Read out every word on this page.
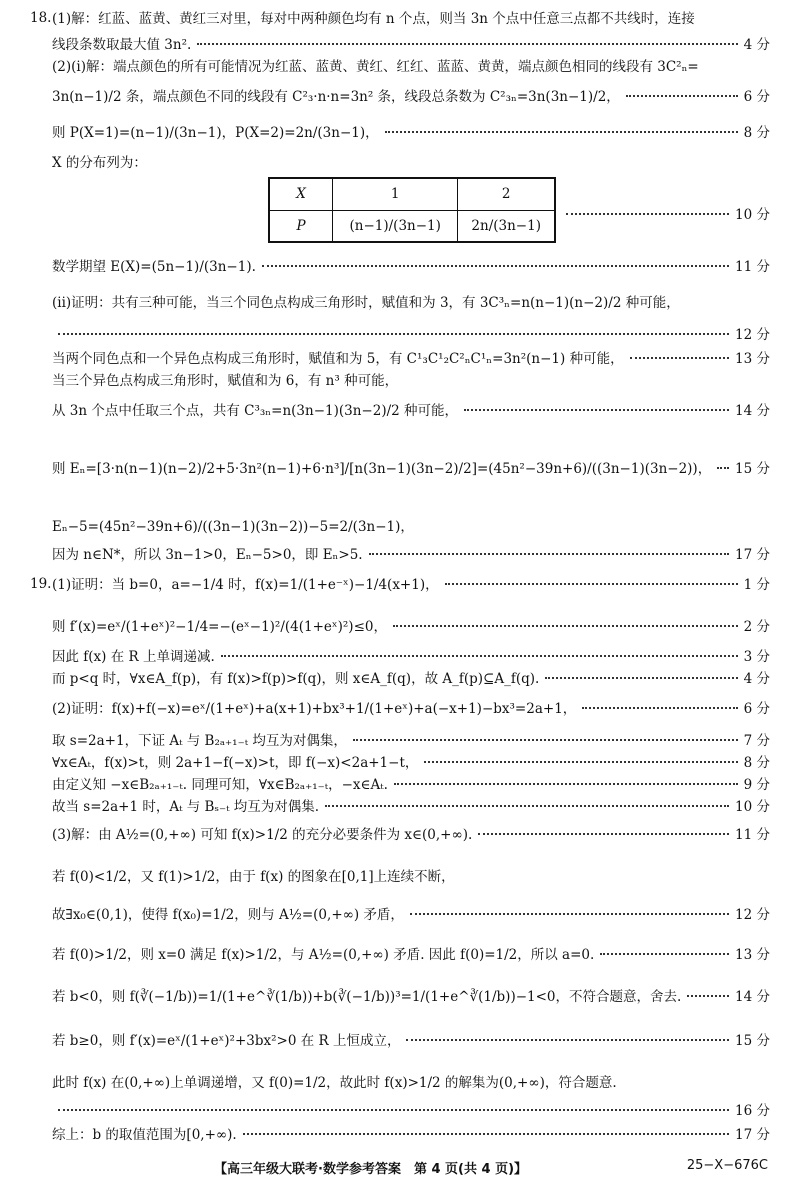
18. (1)解：红蓝、蓝黄、黄红三对里，每对中两种颜色均有 n 个点，则当 3n 个点中任意三点都不共线时，连接
线段条数取最大值 3n².	4 分
(2)(i)解：端点颜色的所有可能情况为红蓝、蓝黄、黄红、红红、蓝蓝、黄黄，端点颜色相同的线段有 3C²ₙ=
3n(n−1)/2 条，端点颜色不同的线段有 C²₃·n·n=3n² 条，线段总条数为 C²₃ₙ=3n(3n−1)/2，	6 分
则 P(X=1)=(n−1)/(3n−1)，P(X=2)=2n/(3n−1)，	8 分
X 的分布列为：
X	1	2
P	(n−1)/(3n−1)	2n/(3n−1)
10 分
数学期望 E(X)=(5n−1)/(3n−1).	11 分
(ii)证明：共有三种可能，当三个同色点构成三角形时，赋值和为 3，有 3C³ₙ=n(n−1)(n−2)/2 种可能，
12 分
当两个同色点和一个异色点构成三角形时，赋值和为 5，有 C¹₃C¹₂C²ₙC¹ₙ=3n²(n−1) 种可能，	13 分
当三个异色点构成三角形时，赋值和为 6，有 n³ 种可能，
从 3n 个点中任取三个点，共有 C³₃ₙ=n(3n−1)(3n−2)/2 种可能，	14 分
则 Eₙ=[3·n(n−1)(n−2)/2+5·3n²(n−1)+6·n³]/[n(3n−1)(3n−2)/2]=(45n²−39n+6)/((3n−1)(3n−2))， 15 分
Eₙ−5=(45n²−39n+6)/((3n−1)(3n−2))−5=2/(3n−1)，
因为 n∈N*，所以 3n−1>0，Eₙ−5>0，即 Eₙ>5.	17 分
19. (1)证明：当 b=0，a=−1/4 时，f(x)=1/(1+e⁻ˣ)−1/4(x+1)，	1 分
则 f′(x)=eˣ/(1+eˣ)²−1/4=−(eˣ−1)²/(4(1+eˣ)²)≤0，	2 分
因此 f(x) 在 R 上单调递减.	3 分
而 p<q 时，∀x∈A_f(p)，有 f(x)>f(p)>f(q)，则 x∈A_f(q)，故 A_f(p)⊆A_f(q).	4 分
(2)证明：f(x)+f(−x)=eˣ/(1+eˣ)+a(x+1)+bx³+1/(1+eˣ)+a(−x+1)−bx³=2a+1，	6 分
取 s=2a+1，下证 Aₜ 与 B₂ₐ₊₁₋ₜ 均互为对偶集，	7 分
∀x∈Aₜ，f(x)>t，则 2a+1−f(−x)>t，即 f(−x)<2a+1−t，	8 分
由定义知 −x∈B₂ₐ₊₁₋ₜ. 同理可知，∀x∈B₂ₐ₊₁₋ₜ，−x∈Aₜ.	9 分
故当 s=2a+1 时，Aₜ 与 Bₛ₋ₜ 均互为对偶集.	10 分
(3)解：由 A½=(0,+∞) 可知 f(x)>1/2 的充分必要条件为 x∈(0,+∞).	11 分
若 f(0)<1/2，又 f(1)>1/2，由于 f(x) 的图象在[0,1]上连续不断，
故∃x₀∈(0,1)，使得 f(x₀)=1/2，则与 A½=(0,+∞) 矛盾，	12 分
若 f(0)>1/2，则 x=0 满足 f(x)>1/2，与 A½=(0,+∞) 矛盾. 因此 f(0)=1/2，所以 a=0.	13 分
若 b<0，则 f(∛(−1/b))=1/(1+e^∛(1/b))+b(∛(−1/b))³=1/(1+e^∛(1/b))−1<0，不符合题意，舍去.	14 分
若 b≥0，则 f′(x)=eˣ/(1+eˣ)²+3bx²>0 在 R 上恒成立，	15 分
此时 f(x) 在(0,+∞)上单调递增，又 f(0)=1/2，故此时 f(x)>1/2 的解集为(0,+∞)，符合题意.
16 分
综上：b 的取值范围为[0,+∞).	17 分
【高三年级大联考·数学参考答案　第 4 页(共 4 页)】	25−X−676C
